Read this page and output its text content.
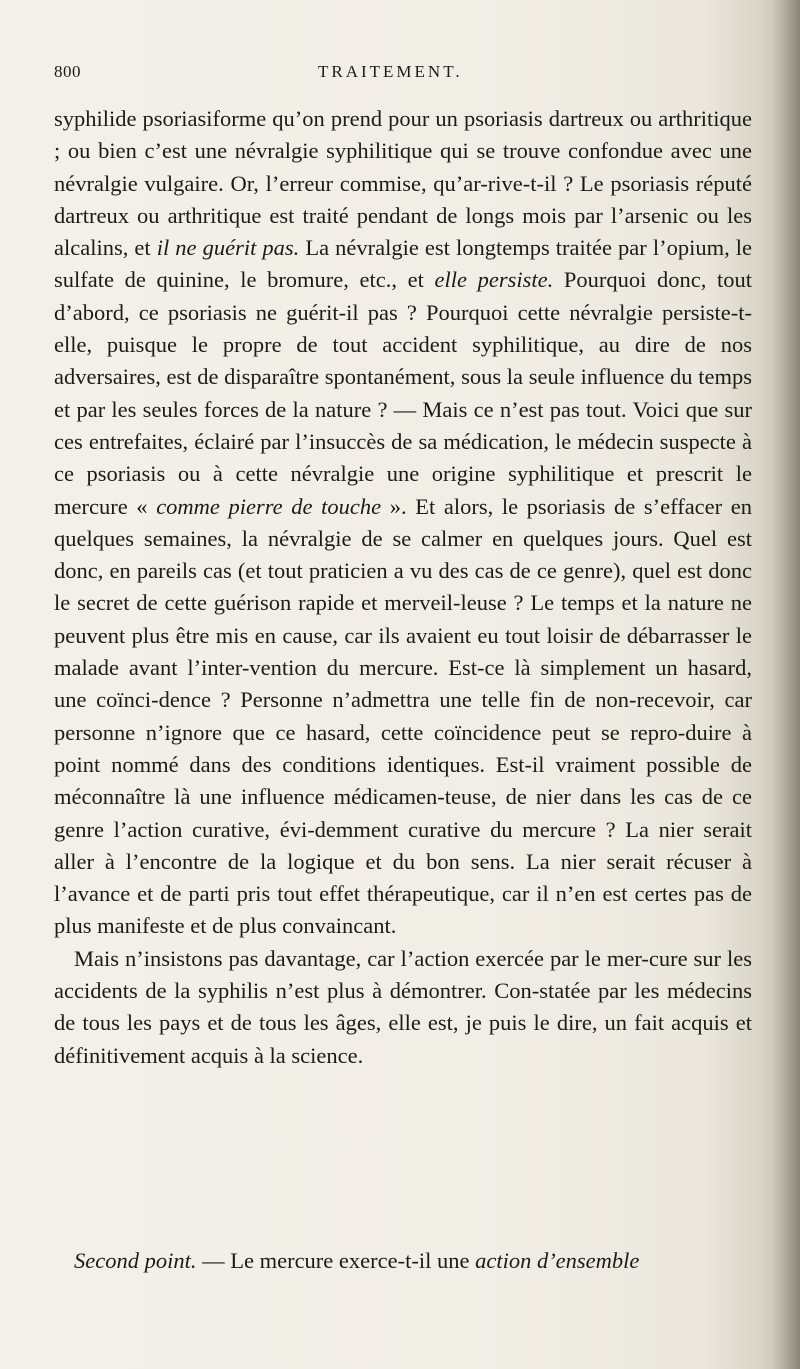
800	TRAITEMENT.

syphilide psoriasiforme qu’on prend pour un psoriasis dartreux ou arthritique ; ou bien c’est une névralgie syphilitique qui se trouve confondue avec une névralgie vulgaire. Or, l’erreur commise, qu’ar-rive-t-il ? Le psoriasis réputé dartreux ou arthritique est traité pendant de longs mois par l’arsenic ou les alcalins, et il ne guérit pas. La névralgie est longtemps traitée par l’opium, le sulfate de quinine, le bromure, etc., et elle persiste. Pourquoi donc, tout d’abord, ce psoriasis ne guérit-il pas ? Pourquoi cette névralgie persiste-t-elle, puisque le propre de tout accident syphilitique, au dire de nos adversaires, est de disparaître spontanément, sous la seule influence du temps et par les seules forces de la nature ? — Mais ce n’est pas tout. Voici que sur ces entrefaites, éclairé par l’insuccès de sa médication, le médecin suspecte à ce psoriasis ou à cette névralgie une origine syphilitique et prescrit le mercure « comme pierre de touche ». Et alors, le psoriasis de s’effacer en quelques semaines, la névralgie de se calmer en quelques jours. Quel est donc, en pareils cas (et tout praticien a vu des cas de ce genre), quel est donc le secret de cette guérison rapide et merveil-leuse ? Le temps et la nature ne peuvent plus être mis en cause, car ils avaient eu tout loisir de débarrasser le malade avant l’inter-vention du mercure. Est-ce là simplement un hasard, une coïnci-dence ? Personne n’admettra une telle fin de non-recevoir, car personne n’ignore que ce hasard, cette coïncidence peut se repro-duire à point nommé dans des conditions identiques. Est-il vraiment possible de méconnaître là une influence médicamen-teuse, de nier dans les cas de ce genre l’action curative, évi-demment curative du mercure ? La nier serait aller à l’encontre de la logique et du bon sens. La nier serait récuser à l’avance et de parti pris tout effet thérapeutique, car il n’en est certes pas de plus manifeste et de plus convaincant.

Mais n’insistons pas davantage, car l’action exercée par le mer-cure sur les accidents de la syphilis n’est plus à démontrer. Con-statée par les médecins de tous les pays et de tous les âges, elle est, je puis le dire, un fait acquis et définitivement acquis à la science.

Second point. — Le mercure exerce-t-il une action d’ensemble
